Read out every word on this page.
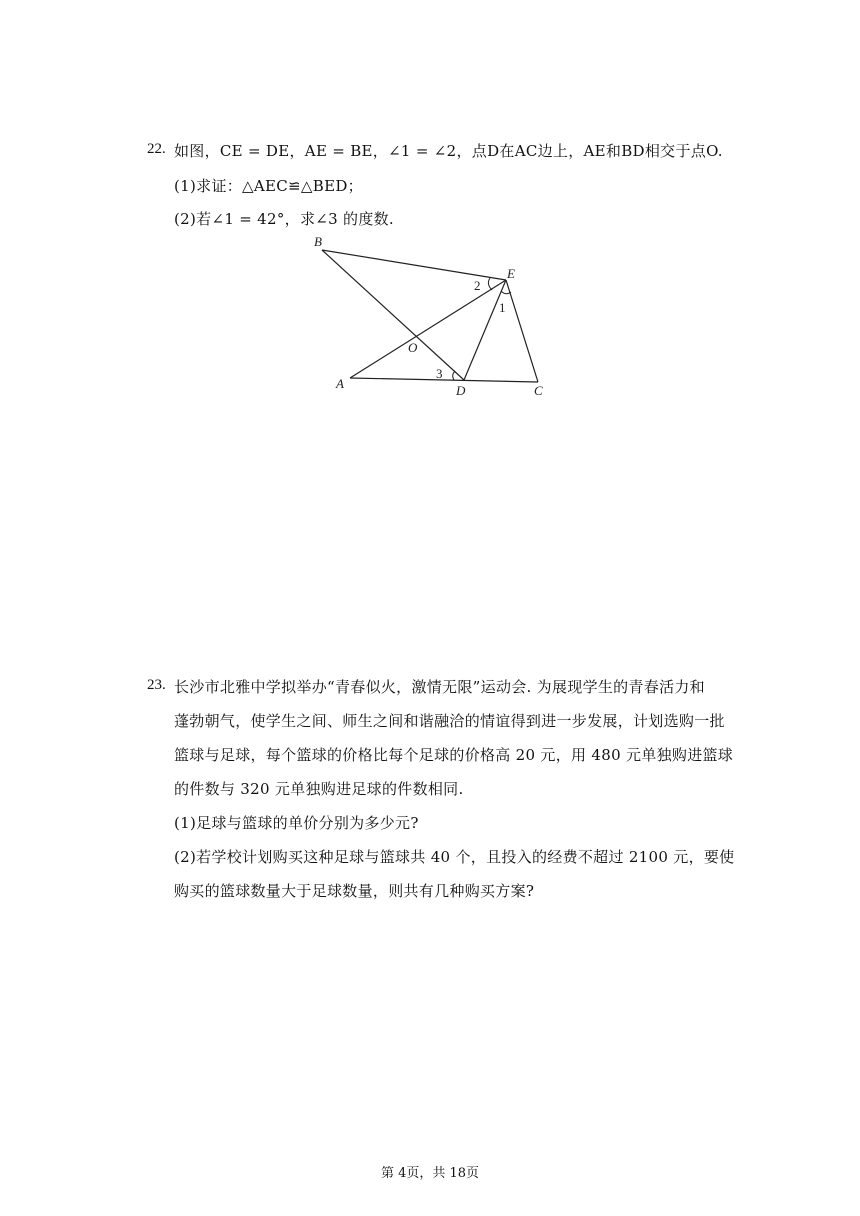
22. 如图，CE = DE，AE = BE，∠1 = ∠2，点D在AC边上，AE和BD相交于点O.
(1)求证：△AEC≌△BED；
(2)若∠1 = 42°，求∠3 的度数.
B
E
O
A	D	C
2
1
3
23. 长沙市北雅中学拟举办“青春似火，激情无限”运动会. 为展现学生的青春活力和
蓬勃朝气，使学生之间、师生之间和谐融洽的情谊得到进一步发展，计划选购一批
篮球与足球，每个篮球的价格比每个足球的价格高 20 元，用 480 元单独购进篮球
的件数与 320 元单独购进足球的件数相同.
(1)足球与篮球的单价分别为多少元?
(2)若学校计划购买这种足球与篮球共 40 个，且投入的经费不超过 2100 元，要使
购买的篮球数量大于足球数量，则共有几种购买方案?
第 4页，共 18页
